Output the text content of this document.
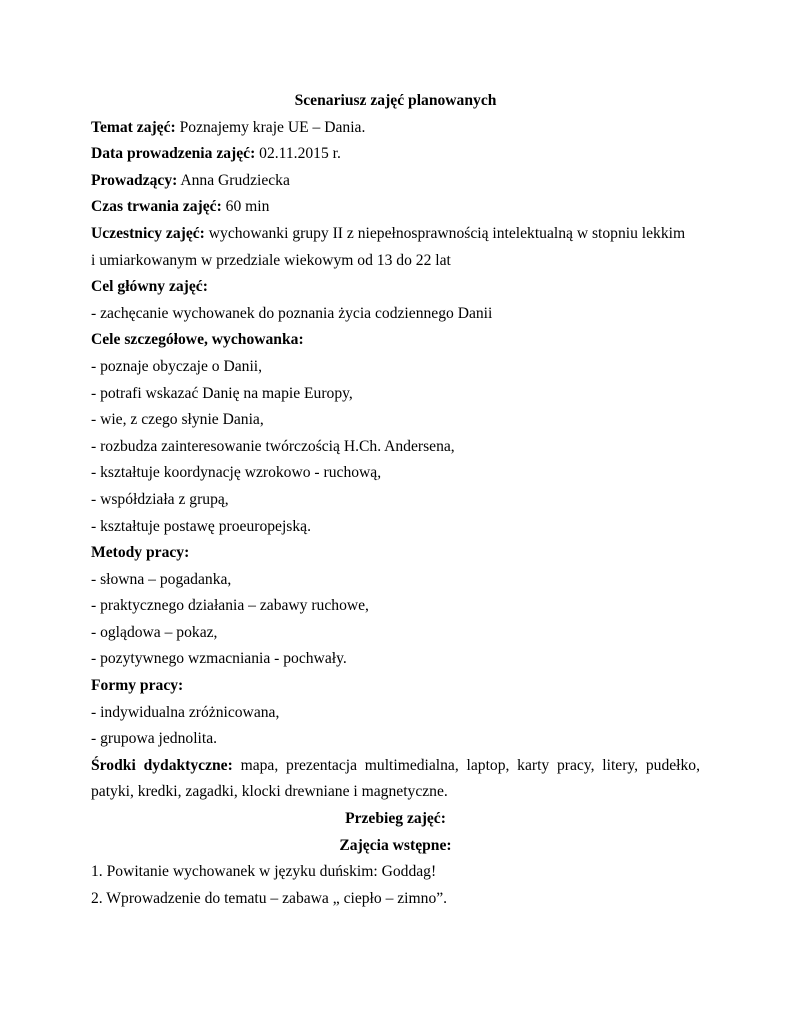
Scenariusz zajęć planowanych

Temat zajęć: Poznajemy kraje UE – Dania.

Data prowadzenia zajęć: 02.11.2015 r.

Prowadzący: Anna Grudziecka

Czas trwania zajęć: 60 min

Uczestnicy zajęć: wychowanki grupy II z niepełnosprawnością intelektualną w stopniu lekkim

i umiarkowanym w przedziale wiekowym od 13 do 22 lat

Cel główny zajęć:

- zachęcanie wychowanek do poznania życia codziennego Danii

Cele szczegółowe, wychowanka:

- poznaje obyczaje o Danii,

- potrafi wskazać Danię na mapie Europy,

- wie, z czego słynie Dania,

- rozbudza zainteresowanie twórczością H.Ch. Andersena,

- kształtuje koordynację wzrokowo - ruchową,

- współdziała z grupą,

- kształtuje postawę proeuropejską.

Metody pracy:

- słowna – pogadanka,

- praktycznego działania – zabawy ruchowe,

- oglądowa – pokaz,

- pozytywnego wzmacniania - pochwały.

Formy pracy:

- indywidualna zróżnicowana,

- grupowa jednolita.

Środki dydaktyczne: mapa, prezentacja multimedialna, laptop, karty pracy, litery, pudełko,

patyki, kredki, zagadki, klocki drewniane i magnetyczne.

Przebieg zajęć:

Zajęcia wstępne:

1. Powitanie wychowanek w języku duńskim: Goddag!

2. Wprowadzenie do tematu – zabawa „ ciepło – zimno”.
